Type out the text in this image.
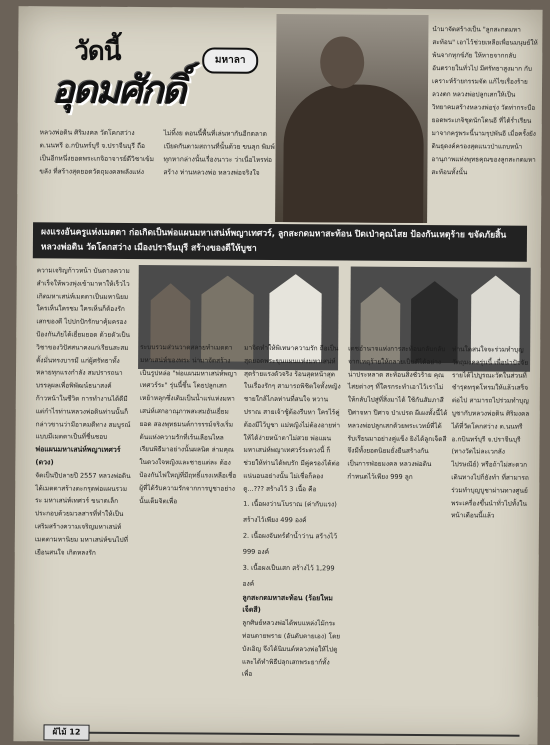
วัดนี้	มหาลา
อุดมศักดิ์
หลวงพ่อดิน ศิริมงคล วัดโคกสว่าง ต.นนทรี อ.กบินทร์บุรี จ.ปราจีนบุรี ถือเป็นอีกหนึ่งยอดพระเกจิอาจารย์ดีวิชาเข้มขลัง ที่สร้างสุดยอดวัตถุมงคลพลังแห่ง
ไม่ทิ้งย ตอนนี้พื้นที่เล่นหากันอีกตลาดเบียดกันตามสถานที่นั้นด้วย ขนลุก พิมพ์ทุกหากล่างนั้นเรื่องนาวะ ว่าเนื่อไหรท่อสร้าง ท่านหลวงพ่อ หลวงพ่อจริงใจ
นำมาจัดสร้างเป็น "ลูกสะกดมหาสะท้อน" เอาไว้ช่วยเหลือเพื่อนมนุษย์ให้พ้นจากทุกข์ภัย ให้หายจากกลับอันตรายในทั่วไป มีศรัทธาสูงมาก กับเคราะห์ร้ายกรรมจัด แก้ไขเรื่องร้าย ลวงตก หลวงพ่อปลูกเสกให้เป็นวิทยาคมสร้างหลวงพ่อรุ่ง วัดท่ากระบือ ยอดพระเกจิชุดนักโดนอี ที่ได้ร่ำเรียนมาจากครูพระนี้นามรุปพันอี เมื่อครั้งยังดินธุดงค์ครองสุดแนวป่าแถบหน้า อานุภาพแห่งพุทธคุณของลูกสะกดมหาสะท้อนทั้งนั้น
ผงแรงอันครูแห่งเมตตา ก่อเกิดเป็นพ่อแผนมหาเสน่ห์พญาเทศวร์, ลูกสะกดมหาสะท้อน ปิดเป่าคุณไสย ป้องกันเหตุร้าย ขจัดภัยสิ้น หลวงพ่อดิน วัดโคกสว่าง เมืองปราจีนบุรี สร้างของดีให้บูชา
ความเจริญก้าวหน้า บันดาลความสำเร็จให้พวงพุ่งเข้ามาหาให้เร็วไวเกิดมหาเสน่ห์เมตตาเป็นมหานิยมใครเห็นใครชม ใครเห็นก็ต้องรักเสกของดี ไปปกปักรักษาคุ้มครองป้องกันภัยได้เยี่ยมยอด ด้วยตัวเป็นวิชาของวิปัสสนาคงแก่เรียนสะสมตั้งมั่นทรงบารมี แก่ผู้ศรัทธาทั้งหลายทุกแรงกำลัง สมปรารถนาบรรลุผลเพื่อพิพัฒน์ธนาสงค์ ก้าวหน้าในชีวิต การทำงานได้ดีมีแต่กำไรท่านหลวงพ่อดินท่านนั้นก็กล่าวขานว่ามีอาคมดีทาง สมบูรณ์แบบมีเมตตาเป็นที่ชื่นชอบ
พ่อแผนมหาเสน่ห์พญาเทศวร์ (ดวง)
จัดเป็นปีปลายปี 2557 หลวงพ่อดินได้เมตตาสร้างตะกรุดพ่อแผนรวมระ มหาเสน่ห์เทศวร์ ขนาดเล็กประกอบด้วยมวลสารที่ทำให้เป็นเสริมสร้างความเจริญมหาเสน่ห์ เมตตามหานิยม มหาเสน่ห์ขนไปที่เยือนสนใจ เกิดหลงรัก
ระบบรวมส่วนวาดสลายทำเมตตา มหาเสน่ห์ของพระ น่ามาจัดสร้างเป็นรูปหล่อ "พ่อแผนมหาเสน่ห์พญาเทศวร์ระ" รุ่นนี้ขึ้น โดยปลูกเสกเหย้าหลุกซึ่งเดิมเป็นน้ำแร่แห่งมหาเสน่ห์เสกอาณุภาพสะสมอันเยี่ยมยอด สองพุทธมนต์การรรม์จริงเริ่มต้นแห่งความรักที่เร้นเลือนไหลเรียนพิธีมาอย่างนั้นผลนิด ล่ามคุณในดวงใจหญิงและชายแต่ละ ต้องป้องกันไฟใหญ่ที่มีฤทธิ์แรงเหลือเชื่อ ผู้ที่ได้รับความรักจากการบูชาอย่างนั้นเต็มจิตเพื่อ
มาจิตทำให้พิเทษาความรัก ถือเป็นสุดยอดพระขุนแผนแห่งมหาเสน่ห์สุดร้ายแรงตัวจริง ร้อนสุดหน้าสุด ในเรื่องรักๆ สามารถพิชิตใจทั้งหญิงชายใกล้ไกลท่านที่สนใจ หวานปราณ สายเจ้าชู้ต้องรีบหา ใครไร้คู่ต้องมีไว้บูชา แม่หญิงไม่ต้องอายท่าให้ได้ง่ายหน้าตาไม่สวย พ่อแผนมหาเสน่ห์พญาเทศวร์ระดวงนี้ ก็ช่วยให้ท่านได้พบรัก มีคู่ครองได้ต่อแน่นอนอย่างนั้น ไม่เชื่อก็ลอง
ดู...??? สร้างไว้ 3 เนื้อ คือ
1. เนื้อผงว่านโบราณ (ค่ากับแรง) สร้างไว้เพียง 499 องค์
2. เนื้อผงจันทร์ตำน้ำว่าน สร้างไว้ 999 องค์
3. เนื้อผงเป็นเสก สร้างไว้ 1,299 องค์
ลูกสะกดมหาสะท้อน (ร้อยใหมเจ็ดสี)
ลูกศิษย์หลวงพ่อได้พบแหล่งไม้กระท่อนตายพราย (อันดับตายเอง) โดยบังเอิญ จึงได้นิมนต์หลวงพ่อให้ไปดูและได้ทำพิธีปลุกเสกพระยาก์ทั้งเพื่อ
เตชอำนาจแห่งการสะท้อนกลับกลับจากเหตุร้ายให้กลายเป็นดีได้อย่างน่าประหลาด สะท้อนสิ่งชั่วร้าย คุณไสยต่างๆ ที่ใครกระทำเอาไว้เราไม่ให้กลับไปสู่ที่สิ่งมาได้ ใช้กันสัมภาสีปีศาจหา ปีศาจ ป่าเปรต ผีเผงทั้งนี้ได้หลวงพ่อปลูกเสกด้วยพระเวทย์ที่ได้รับเรียนมาอย่างคู่แข็ง ยิงได้ลูกเจ็ดสีจึงมีทั้งยอดนิยมยั่งยืนสร้างกันเป็นการฟ่อยมงคล หลวงพ่อดินกำหนดไว้เพียง 999 ลูก
ท่านใดสนใจจะร่วมทำบุญวัตถุมงคลรุ่นนี้ เพื่อนำปัจจัยรายได้ไปบูรณะวัดในส่วนที่ชำรุดทรุดโทรมให้แล้วเสร็จต่อไป สามารถไปร่วมทำบุญบูชากับหลวงพ่อดิน ศิริมงคล ได้ที่วัดโคกสว่าง ต.นนทรี อ.กบินทร์บุรี จ.ปราจีนบุรี (ทางวัดไม่ละเวกลังไปรษณีย์) หรือถ้าไม่สะดวกเดินทางไปก็ยังทำ ที่สามารถร่วมทำบุญบูชาผ่านทางศูนย์พระเครื่องขึ้นนำทั่วไปทั้งในหน้าเดือนนี้แล้ว
ผ้ไม้ 12
